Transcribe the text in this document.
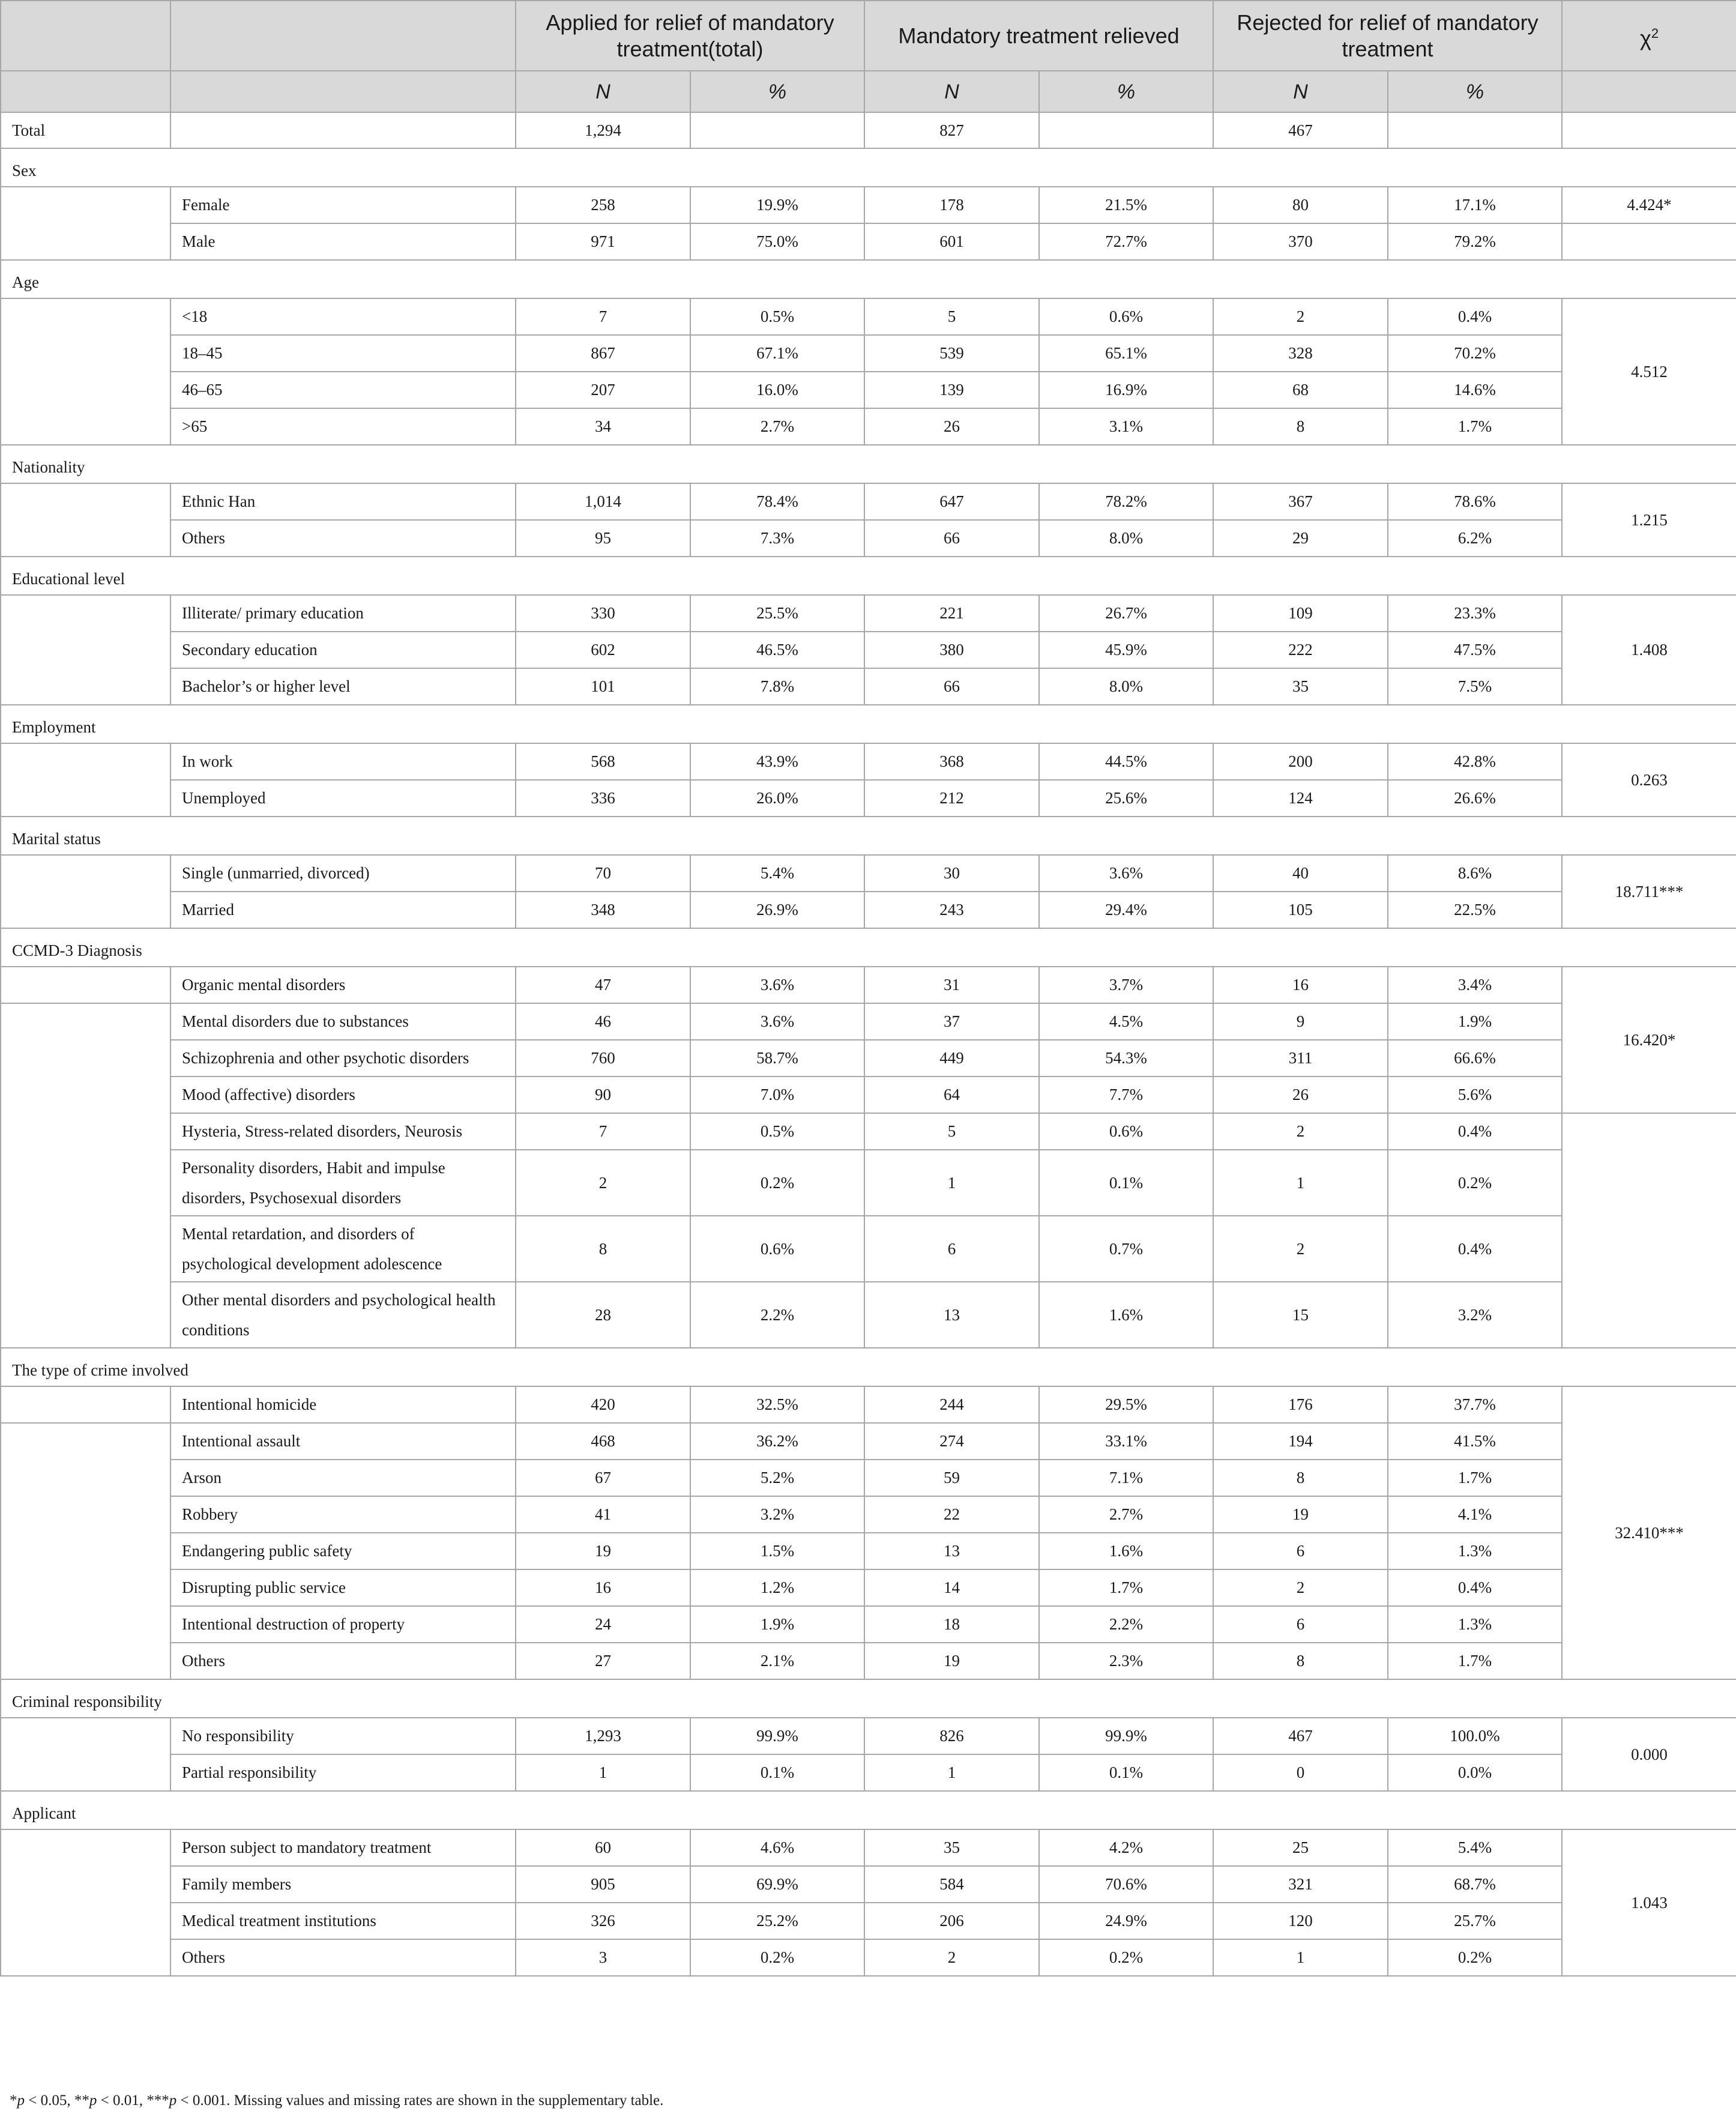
		Applied for relief of mandatory treatment(total)		Mandatory treatment relieved		Rejected for relief of mandatory treatment		$\chi^2$
		N	%	N	%	N	%	
Total		1,294		827		467		
Sex								
	Female	258	19.9%	178	21.5%	80	17.1%	4.424*
	Male	971	75.0%	601	72.7%	370	79.2%	
Age								
	<18	7	0.5%	5	0.6%	2	0.4%	4.512
	18–45	867	67.1%	539	65.1%	328	70.2%	
	46–65	207	16.0%	139	16.9%	68	14.6%	
	>65	34	2.7%	26	3.1%	8	1.7%	
Nationality								
	Ethnic Han	1,014	78.4%	647	78.2%	367	78.6%	1.215
	Others	95	7.3%	66	8.0%	29	6.2%	
Educational level								
	Illiterate/ primary education	330	25.5%	221	26.7%	109	23.3%	1.408
	Secondary education	602	46.5%	380	45.9%	222	47.5%	
	Bachelor’s or higher level	101	7.8%	66	8.0%	35	7.5%	
Employment								
	In work	568	43.9%	368	44.5%	200	42.8%	0.263
	Unemployed	336	26.0%	212	25.6%	124	26.6%	
Marital status								
	Single (unmarried, divorced)	70	5.4%	30	3.6%	40	8.6%	18.711***
	Married	348	26.9%	243	29.4%	105	22.5%	
CCMD-3 Diagnosis								
	Organic mental disorders	47	3.6%	31	3.7%	16	3.4%	16.420*
	Mental disorders due to substances	46	3.6%	37	4.5%	9	1.9%	
	Schizophrenia and other psychotic disorders	760	58.7%	449	54.3%	311	66.6%	
	Mood (affective) disorders	90	7.0%	64	7.7%	26	5.6%	
	Hysteria, Stress-related disorders, Neurosis	7	0.5%	5	0.6%	2	0.4%	
	Personality disorders, Habit and impulse disorders, Psychosexual disorders	2	0.2%	1	0.1%	1	0.2%	
	Mental retardation, and disorders of psychological development adolescence	8	0.6%	6	0.7%	2	0.4%	
	Other mental disorders and psychological health conditions	28	2.2%	13	1.6%	15	3.2%	
The type of crime involved								
	Intentional homicide	420	32.5%	244	29.5%	176	37.7%	32.410***
	Intentional assault	468	36.2%	274	33.1%	194	41.5%	
	Arson	67	5.2%	59	7.1%	8	1.7%	
	Robbery	41	3.2%	22	2.7%	19	4.1%	
	Endangering public safety	19	1.5%	13	1.6%	6	1.3%	
	Disrupting public service	16	1.2%	14	1.7%	2	0.4%	
	Intentional destruction of property	24	1.9%	18	2.2%	6	1.3%	
	Others	27	2.1%	19	2.3%	8	1.7%	
Criminal responsibility								
	No responsibility	1,293	99.9%	826	99.9%	467	100.0%	0.000
	Partial responsibility	1	0.1%	1	0.1%	0	0.0%	
Applicant								
	Person subject to mandatory treatment	60	4.6%	35	4.2%	25	5.4%	1.043
	Family members	905	69.9%	584	70.6%	321	68.7%	
	Medical treatment institutions	326	25.2%	206	24.9%	120	25.7%	
	Others	3	0.2%	2	0.2%	1	0.2%	
*p < 0.05, **p < 0.01, ***p < 0.001. Missing values and missing rates are shown in the supplementary table.
